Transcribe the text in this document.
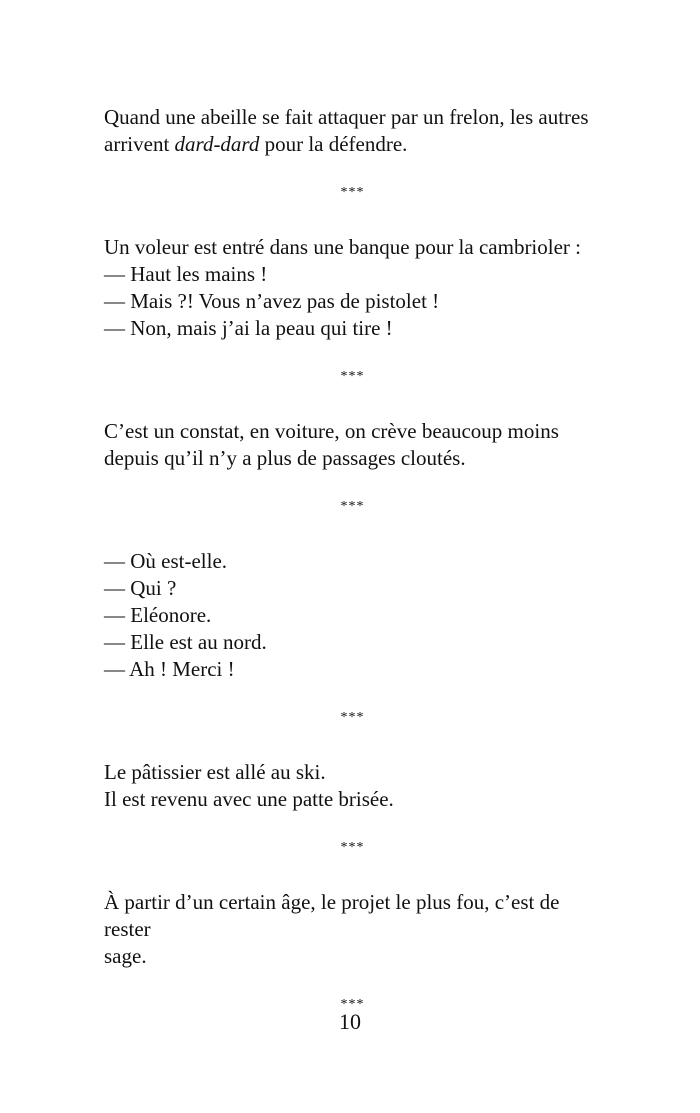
Quand une abeille se fait attaquer par un frelon, les autres

arrivent dard-dard pour la défendre.

***

Un voleur est entré dans une banque pour la cambrioler :

— Haut les mains !

— Mais ?! Vous n’avez pas de pistolet !

— Non, mais j’ai la peau qui tire !

***

C’est un constat, en voiture, on crève beaucoup moins

depuis qu’il n’y a plus de passages cloutés.

***

— Où est-elle.

— Qui ?

— Eléonore.

— Elle est au nord.

— Ah ! Merci !

***

Le pâtissier est allé au ski.

Il est revenu avec une patte brisée.

***

À partir d’un certain âge, le projet le plus fou, c’est de rester

sage.

***
10
